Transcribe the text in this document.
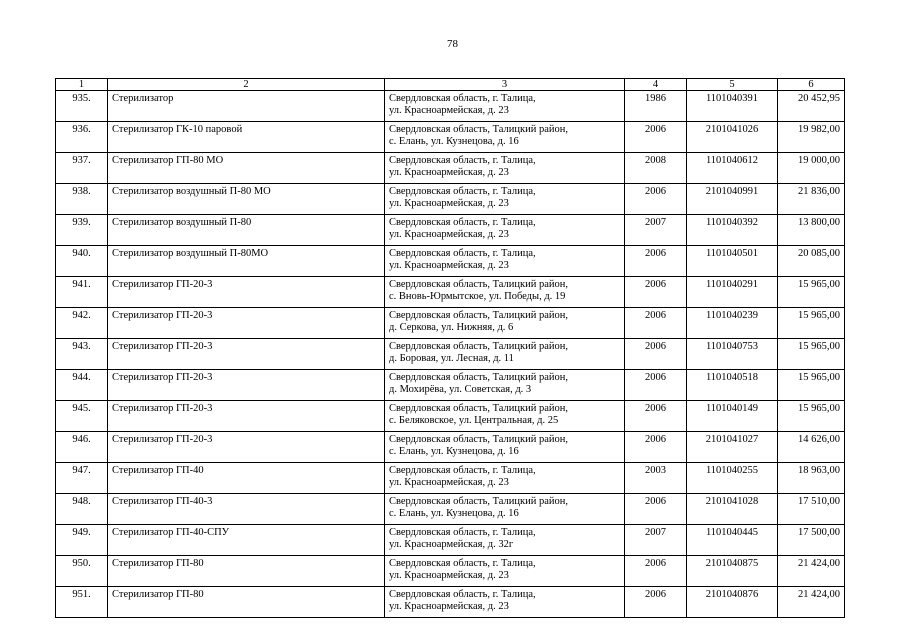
78
1	2	3	4	5	6
935.	Стерилизатор	Свердловская область, г. Талица,
ул. Красноармейская, д. 23	1986	1101040391	20 452,95
936.	Стерилизатор ГК-10 паровой	Свердловская область, Талицкий район,
с. Елань, ул. Кузнецова, д. 16	2006	2101041026	19 982,00
937.	Стерилизатор ГП-80 МО	Свердловская область, г. Талица,
ул. Красноармейская, д. 23	2008	1101040612	19 000,00
938.	Стерилизатор воздушный П-80 МО	Свердловская область, г. Талица,
ул. Красноармейская, д. 23	2006	2101040991	21 836,00
939.	Стерилизатор воздушный П-80	Свердловская область, г. Талица,
ул. Красноармейская, д. 23	2007	1101040392	13 800,00
940.	Стерилизатор воздушный П-80МО	Свердловская область, г. Талица,
ул. Красноармейская, д. 23	2006	1101040501	20 085,00
941.	Стерилизатор ГП-20-3	Свердловская область, Талицкий район,
с. Вновь-Юрмытское, ул. Победы, д. 19	2006	1101040291	15 965,00
942.	Стерилизатор ГП-20-3	Свердловская область, Талицкий район,
д. Серкова, ул. Нижняя, д. 6	2006	1101040239	15 965,00
943.	Стерилизатор ГП-20-3	Свердловская область, Талицкий район,
д. Боровая, ул. Лесная, д. 11	2006	1101040753	15 965,00
944.	Стерилизатор ГП-20-3	Свердловская область, Талицкий район,
д. Мохирёва, ул. Советская, д. 3	2006	1101040518	15 965,00
945.	Стерилизатор ГП-20-3	Свердловская область, Талицкий район,
с. Беляковское, ул. Центральная, д. 25	2006	1101040149	15 965,00
946.	Стерилизатор ГП-20-3	Свердловская область, Талицкий район,
с. Елань, ул. Кузнецова, д. 16	2006	2101041027	14 626,00
947.	Стерилизатор ГП-40	Свердловская область, г. Талица,
ул. Красноармейская, д. 23	2003	1101040255	18 963,00
948.	Стерилизатор ГП-40-3	Свердловская область, Талицкий район,
с. Елань, ул. Кузнецова, д. 16	2006	2101041028	17 510,00
949.	Стерилизатор ГП-40-СПУ	Свердловская область, г. Талица,
ул. Красноармейская, д. 32г	2007	1101040445	17 500,00
950.	Стерилизатор ГП-80	Свердловская область, г. Талица,
ул. Красноармейская, д. 23	2006	2101040875	21 424,00
951.	Стерилизатор ГП-80	Свердловская область, г. Талица,
ул. Красноармейская, д. 23	2006	2101040876	21 424,00
